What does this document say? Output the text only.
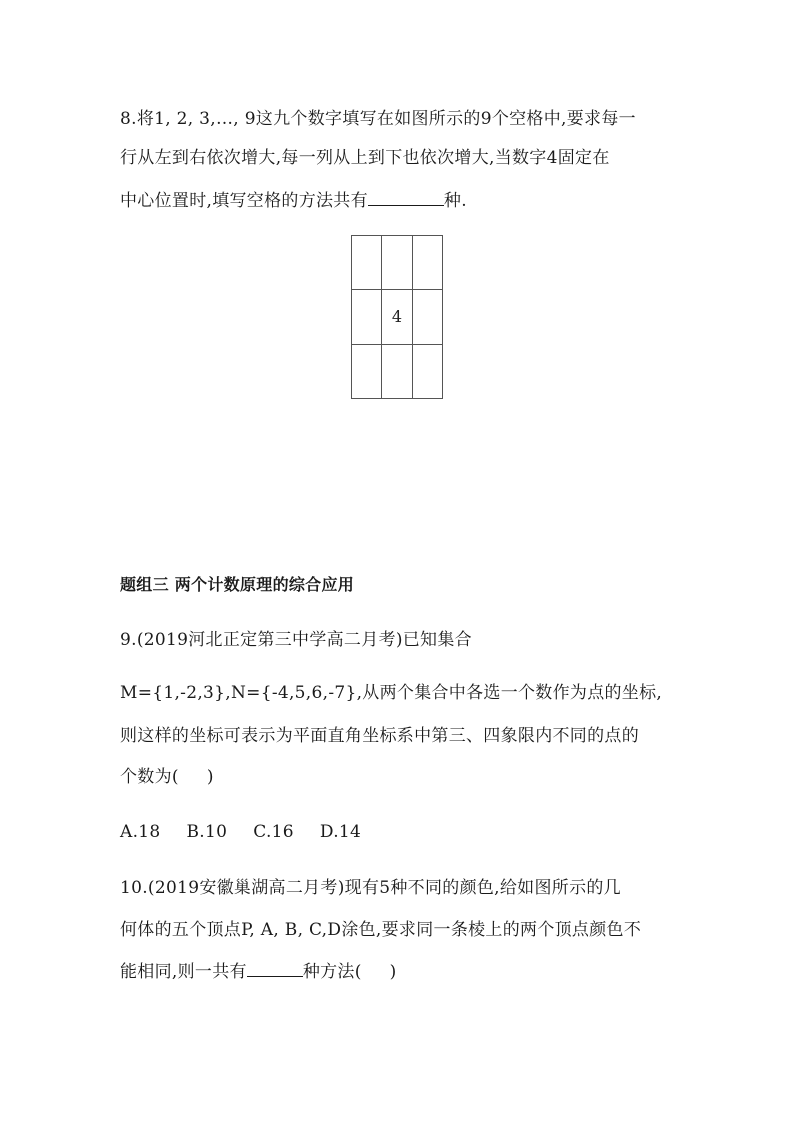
8.将1, 2, 3,…, 9这九个数字填写在如图所示的9个空格中,要求每一
行从左到右依次增大,每一列从上到下也依次增大,当数字4固定在
中心位置时,填写空格的方法共有	种.

	4	

题组三 两个计数原理的综合应用
9.(2019河北正定第三中学高二月考)已知集合
M={1,-2,3},N={-4,5,6,-7},从两个集合中各选一个数作为点的坐标,
则这样的坐标可表示为平面直角坐标系中第三、四象限内不同的点的
个数为( )
A.18 B.10 C.16 D.14
10.(2019安徽巢湖高二月考)现有5种不同的颜色,给如图所示的几
何体的五个顶点P, A, B, C,D涂色,要求同一条棱上的两个顶点颜色不
能相同,则一共有	种方法( )
